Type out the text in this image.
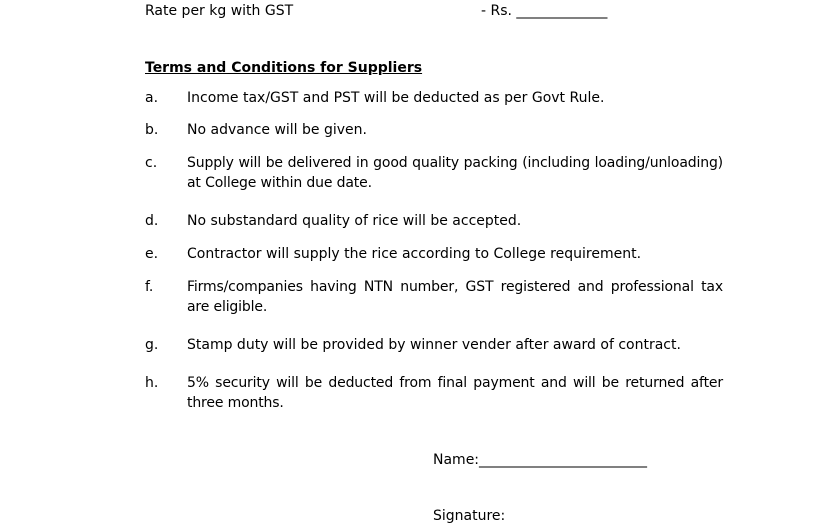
Rate per kg with GST	- Rs. _____________
Terms and Conditions for Suppliers
a.	Income tax/GST and PST will be deducted as per Govt Rule.
b.	No advance will be given.
c.	Supply will be delivered in good quality packing (including loading/unloading) at College within due date.
d.	No substandard quality of rice will be accepted.
e.	Contractor will supply the rice according to College requirement.
f.	Firms/companies having NTN number, GST registered and professional tax are eligible.
g.	Stamp duty will be provided by winner vender after award of contract.
h.	5% security will be deducted from final payment and will be returned after three months.
Name:________________________
Signature:
